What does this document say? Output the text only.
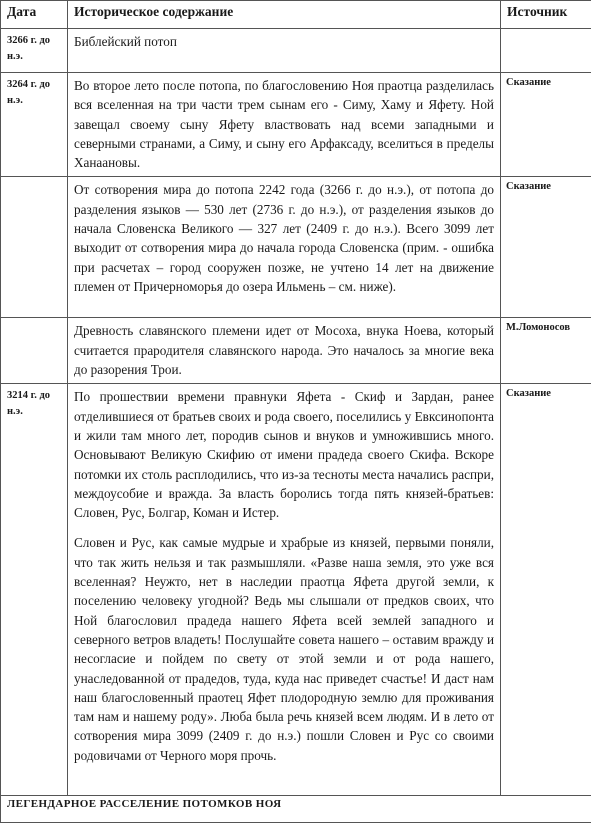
Дата	Историческое содержание	Источник

3266 г. до н.э.	Библейский потоп	

3264 г. до н.э.	Во второе лето после потопа, по благословению Ноя праотца разделилась вся вселенная на три части трем сынам его - Симу, Хаму и Яфету. Ной завещал своему сыну Яфету властвовать над всеми западными и северными странами, а Симу, и сыну его Арфаксаду, вселиться в пределы Ханаановы.	Сказание

	От сотворения мира до потопа 2242 года (3266 г. до н.э.), от потопа до разделения языков — 530 лет (2736 г. до н.э.), от разделения языков до начала Словенска Великого — 327 лет (2409 г. до н.э.). Всего 3099 лет выходит от сотворения мира до начала города Словенска (прим. - ошибка при расчетах – город сооружен позже, не учтено 14 лет на движение племен от Причерноморья до озера Ильмень – см. ниже).	Сказание

	Древность славянского племени идет от Мосоха, внука Ноева, который считается прародителя славянского народа. Это началось за многие века до разорения Трои.	М.Ломоносов
3214 г. до н.э.	По прошествии времени правнуки Яфета - Скиф и Зардан, ранее отделившиеся от братьев своих и рода своего, поселились у Евксинопонта и жили там много лет, породив сынов и внуков и умножившись много. Основывают Великую Скифию от имени прадеда своего Скифа. Вскоре потомки их столь расплодились, что из-за тесноты места начались распри, междоусобие и вражда. За власть боролись тогда пять князей-братьев: Словен, Рус, Болгар, Коман и Истер.

Словен и Рус, как самые мудрые и храбрые из князей, первыми поняли, что так жить нельзя и так размышляли. «Разве наша земля, это уже вся вселенная? Неужто, нет в наследии праотца Яфета другой земли, к поселению человеку угодной? Ведь мы слышали от предков своих, что Ной благословил прадеда нашего Яфета всей землей западного и северного ветров владеть! Послушайте совета нашего – оставим вражду и несогласие и пойдем по свету от этой земли и от рода нашего, унаследованной от прадедов, туда, куда нас приведет счастье! И даст нам наш благословенный праотец Яфет плодородную землю для проживания там нам и нашему роду». Люба была речь князей всем людям. И в лето от сотворения мира 3099 (2409 г. до н.э.) пошли Словен и Рус со своими родовичами от Черного моря прочь.	Сказание
ЛЕГЕНДАРНОЕ РАССЕЛЕНИЕ ПОТОМКОВ НОЯ		
